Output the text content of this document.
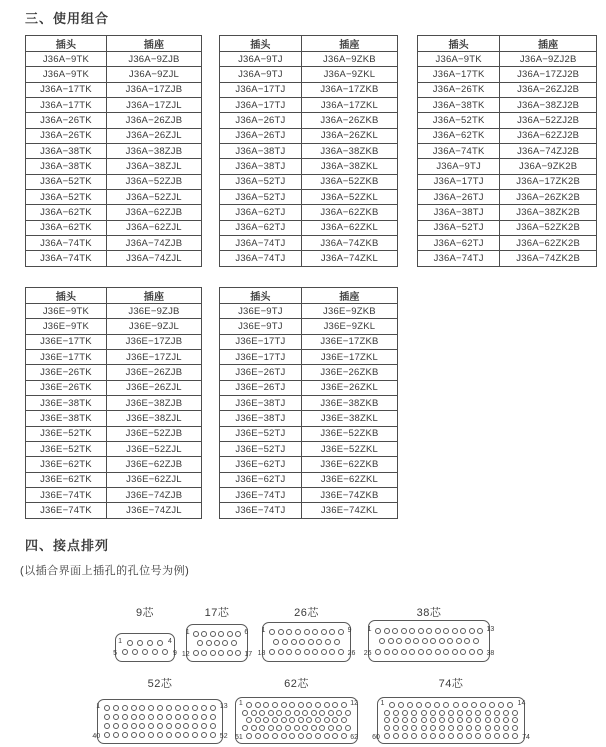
三、使用组合
插头	插座
J36A−9TK	J36A−9ZJB
J36A−9TK	J36A−9ZJL
J36A−17TK	J36A−17ZJB
J36A−17TK	J36A−17ZJL
J36A−26TK	J36A−26ZJB
J36A−26TK	J36A−26ZJL
J36A−38TK	J36A−38ZJB
J36A−38TK	J36A−38ZJL
J36A−52TK	J36A−52ZJB
J36A−52TK	J36A−52ZJL
J36A−62TK	J36A−62ZJB
J36A−62TK	J36A−62ZJL
J36A−74TK	J36A−74ZJB
J36A−74TK	J36A−74ZJL
插头	插座
J36A−9TJ	J36A−9ZKB
J36A−9TJ	J36A−9ZKL
J36A−17TJ	J36A−17ZKB
J36A−17TJ	J36A−17ZKL
J36A−26TJ	J36A−26ZKB
J36A−26TJ	J36A−26ZKL
J36A−38TJ	J36A−38ZKB
J36A−38TJ	J36A−38ZKL
J36A−52TJ	J36A−52ZKB
J36A−52TJ	J36A−52ZKL
J36A−62TJ	J36A−62ZKB
J36A−62TJ	J36A−62ZKL
J36A−74TJ	J36A−74ZKB
J36A−74TJ	J36A−74ZKL
插头	插座
J36A−9TK	J36A−9ZJ2B
J36A−17TK	J36A−17ZJ2B
J36A−26TK	J36A−26ZJ2B
J36A−38TK	J36A−38ZJ2B
J36A−52TK	J36A−52ZJ2B
J36A−62TK	J36A−62ZJ2B
J36A−74TK	J36A−74ZJ2B
J36A−9TJ	J36A−9ZK2B
J36A−17TJ	J36A−17ZK2B
J36A−26TJ	J36A−26ZK2B
J36A−38TJ	J36A−38ZK2B
J36A−52TJ	J36A−52ZK2B
J36A−62TJ	J36A−62ZK2B
J36A−74TJ	J36A−74ZK2B
插头	插座
J36E−9TK	J36E−9ZJB
J36E−9TK	J36E−9ZJL
J36E−17TK	J36E−17ZJB
J36E−17TK	J36E−17ZJL
J36E−26TK	J36E−26ZJB
J36E−26TK	J36E−26ZJL
J36E−38TK	J36E−38ZJB
J36E−38TK	J36E−38ZJL
J36E−52TK	J36E−52ZJB
J36E−52TK	J36E−52ZJL
J36E−62TK	J36E−62ZJB
J36E−62TK	J36E−62ZJL
J36E−74TK	J36E−74ZJB
J36E−74TK	J36E−74ZJL
插头	插座
J36E−9TJ	J36E−9ZKB
J36E−9TJ	J36E−9ZKL
J36E−17TJ	J36E−17ZKB
J36E−17TJ	J36E−17ZKL
J36E−26TJ	J36E−26ZKB
J36E−26TJ	J36E−26ZKL
J36E−38TJ	J36E−38ZKB
J36E−38TJ	J36E−38ZKL
J36E−52TJ	J36E−52ZKB
J36E−52TJ	J36E−52ZKL
J36E−62TJ	J36E−62ZKB
J36E−62TJ	J36E−62ZKL
J36E−74TJ	J36E−74ZKB
J36E−74TJ	J36E−74ZKL
四、接点排列
(以插合界面上插孔的孔位号为例)
9芯
1	4
5	9
17芯
1	6
12	17
26芯
1	9
18	26
38芯
1	13
26	38
52芯
1	13
40	52
62芯
1	12
51	62
74芯
1	14
60	74
